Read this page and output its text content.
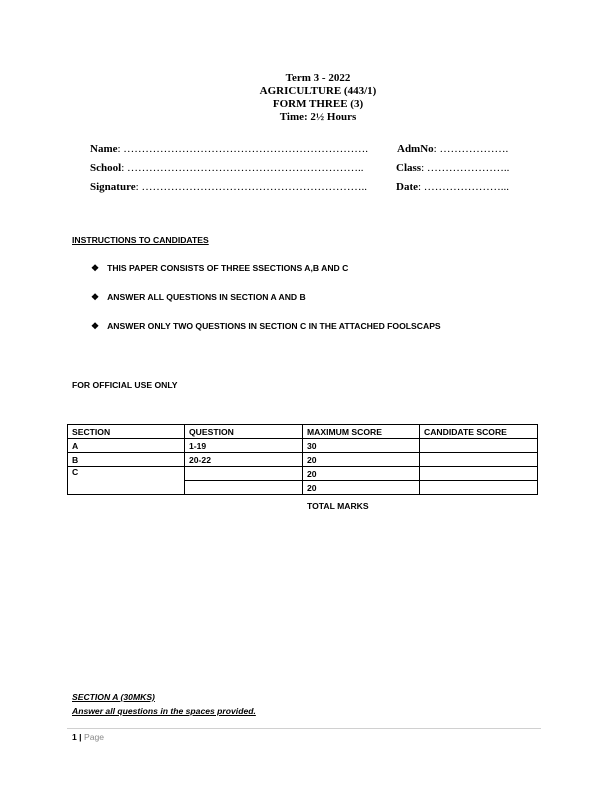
Term 3 - 2022
AGRICULTURE (443/1)
FORM THREE (3)
Time: 2½ Hours
Name: ………………………………………………………….	AdmNo: ……………….
School: ………………………………………………………..	Class: …………………..
Signature: ……………………………………………………..	Date: …………………...
INSTRUCTIONS TO CANDIDATES
❖ THIS PAPER CONSISTS OF THREE SSECTIONS A,B AND C
❖ ANSWER ALL QUESTIONS IN SECTION A AND B
❖ ANSWER ONLY TWO QUESTIONS IN SECTION C IN THE ATTACHED FOOLSCAPS
FOR OFFICIAL USE ONLY
SECTION	QUESTION	MAXIMUM SCORE	CANDIDATE SCORE
A	1-19	30	
B	20-22	20	
C		20	
		20	
TOTAL MARKS
SECTION A (30MKS)
Answer all questions in the spaces provided.
1 | Page
